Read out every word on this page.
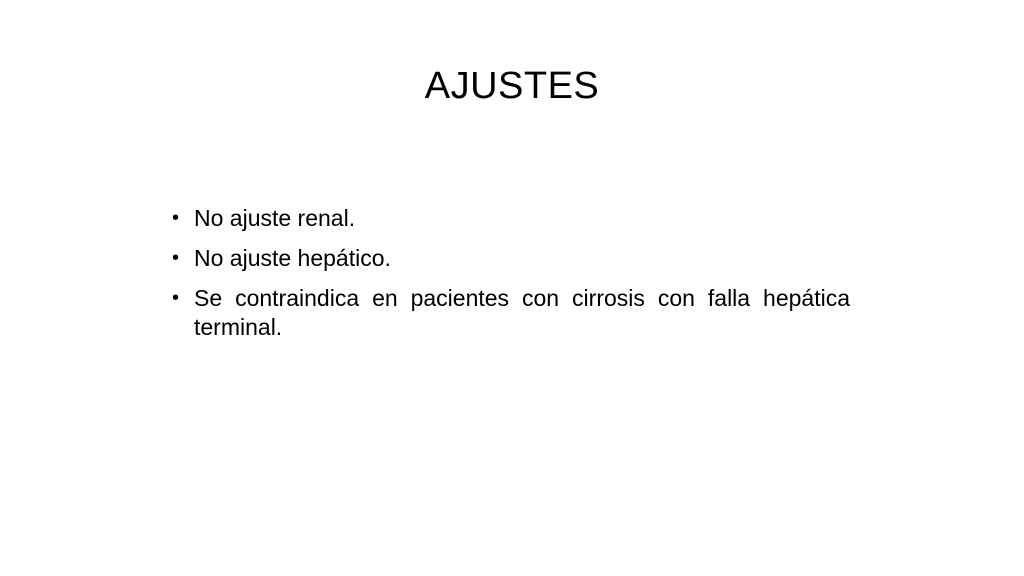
AJUSTES
• No ajuste renal.
• No ajuste hepático.
• Se contraindica en pacientes con cirrosis con falla hepática terminal.
